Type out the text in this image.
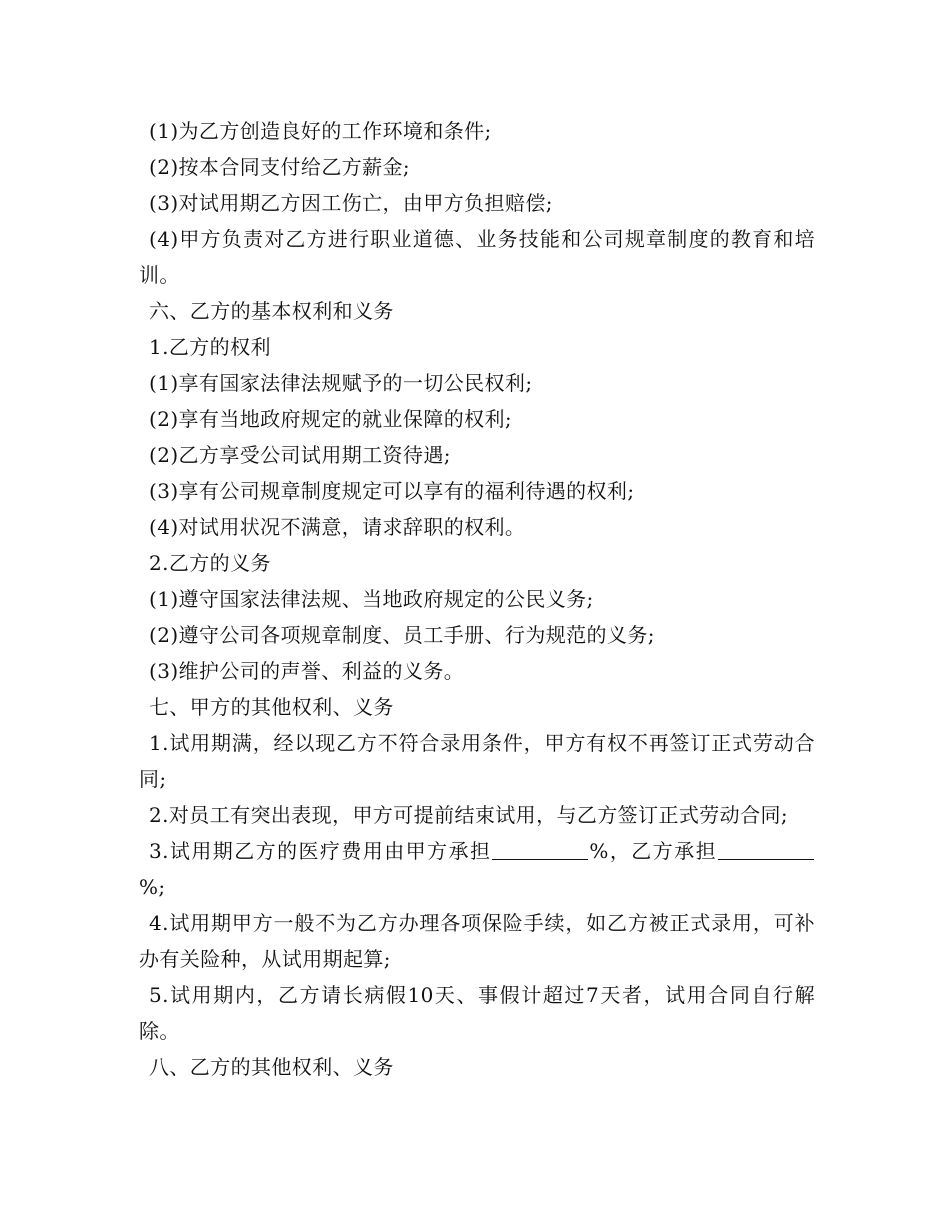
(1)为乙方创造良好的工作环境和条件;

(2)按本合同支付给乙方薪金;

(3)对试用期乙方因工伤亡，由甲方负担赔偿;

(4)甲方负责对乙方进行职业道德、业务技能和公司规章制度的教育和培训。

六、乙方的基本权利和义务

1.乙方的权利

(1)享有国家法律法规赋予的一切公民权利;

(2)享有当地政府规定的就业保障的权利;

(2)乙方享受公司试用期工资待遇;

(3)享有公司规章制度规定可以享有的福利待遇的权利;

(4)对试用状况不满意，请求辞职的权利。

2.乙方的义务

(1)遵守国家法律法规、当地政府规定的公民义务;

(2)遵守公司各项规章制度、员工手册、行为规范的义务;

(3)维护公司的声誉、利益的义务。

七、甲方的其他权利、义务

1.试用期满，经以现乙方不符合录用条件，甲方有权不再签订正式劳动合同;

2.对员工有突出表现，甲方可提前结束试用，与乙方签订正式劳动合同;

3.试用期乙方的医疗费用由甲方承担	%，乙方承担%;

4.试用期甲方一般不为乙方办理各项保险手续，如乙方被正式录用，可补办有关险种，从试用期起算;

5.试用期内，乙方请长病假10天、事假计超过7天者，试用合同自行解除。

八、乙方的其他权利、义务
